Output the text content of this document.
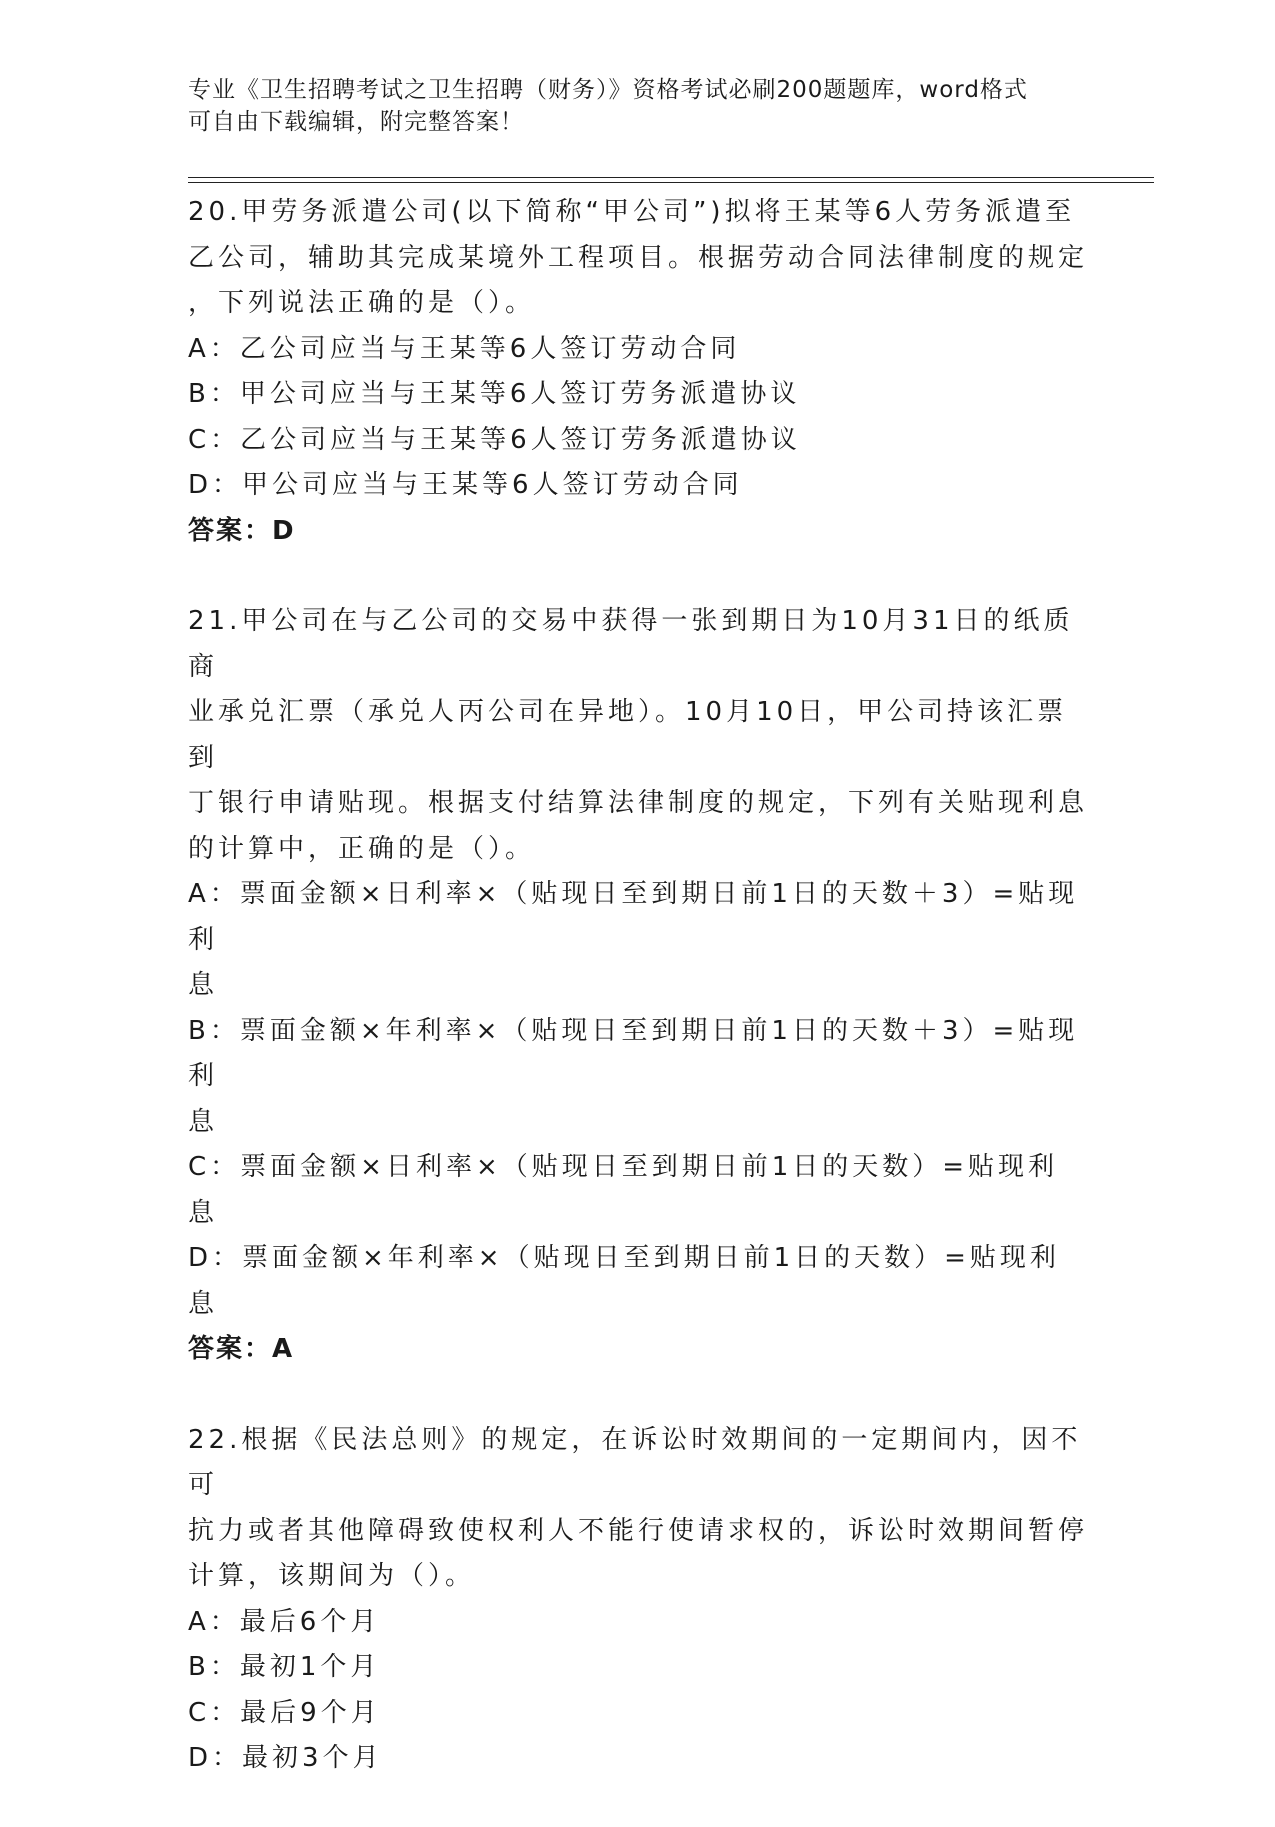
专业《卫生招聘考试之卫生招聘（财务）》资格考试必刷200题题库，word格式
可自由下载编辑，附完整答案！

20.甲劳务派遣公司(以下简称“甲公司”)拟将王某等6人劳务派遣至

乙公司，辅助其完成某境外工程项目。根据劳动合同法律制度的规定

，下列说法正确的是（）。

A：乙公司应当与王某等6人签订劳动合同

B：甲公司应当与王某等6人签订劳务派遣协议

C：乙公司应当与王某等6人签订劳务派遣协议

D：甲公司应当与王某等6人签订劳动合同

答案：D

21.甲公司在与乙公司的交易中获得一张到期日为10月31日的纸质商

业承兑汇票（承兑人丙公司在异地）。10月10日，甲公司持该汇票到

丁银行申请贴现。根据支付结算法律制度的规定，下列有关贴现利息

的计算中，正确的是（）。

A：票面金额×日利率×（贴现日至到期日前1日的天数＋3）=贴现利

息

B：票面金额×年利率×（贴现日至到期日前1日的天数＋3）=贴现利

息

C：票面金额×日利率×（贴现日至到期日前1日的天数）=贴现利息

D：票面金额×年利率×（贴现日至到期日前1日的天数）=贴现利息

答案：A

22.根据《民法总则》的规定，在诉讼时效期间的一定期间内，因不可

抗力或者其他障碍致使权利人不能行使请求权的，诉讼时效期间暂停

计算，该期间为（）。

A：最后6个月

B：最初1个月

C：最后9个月

D：最初3个月
